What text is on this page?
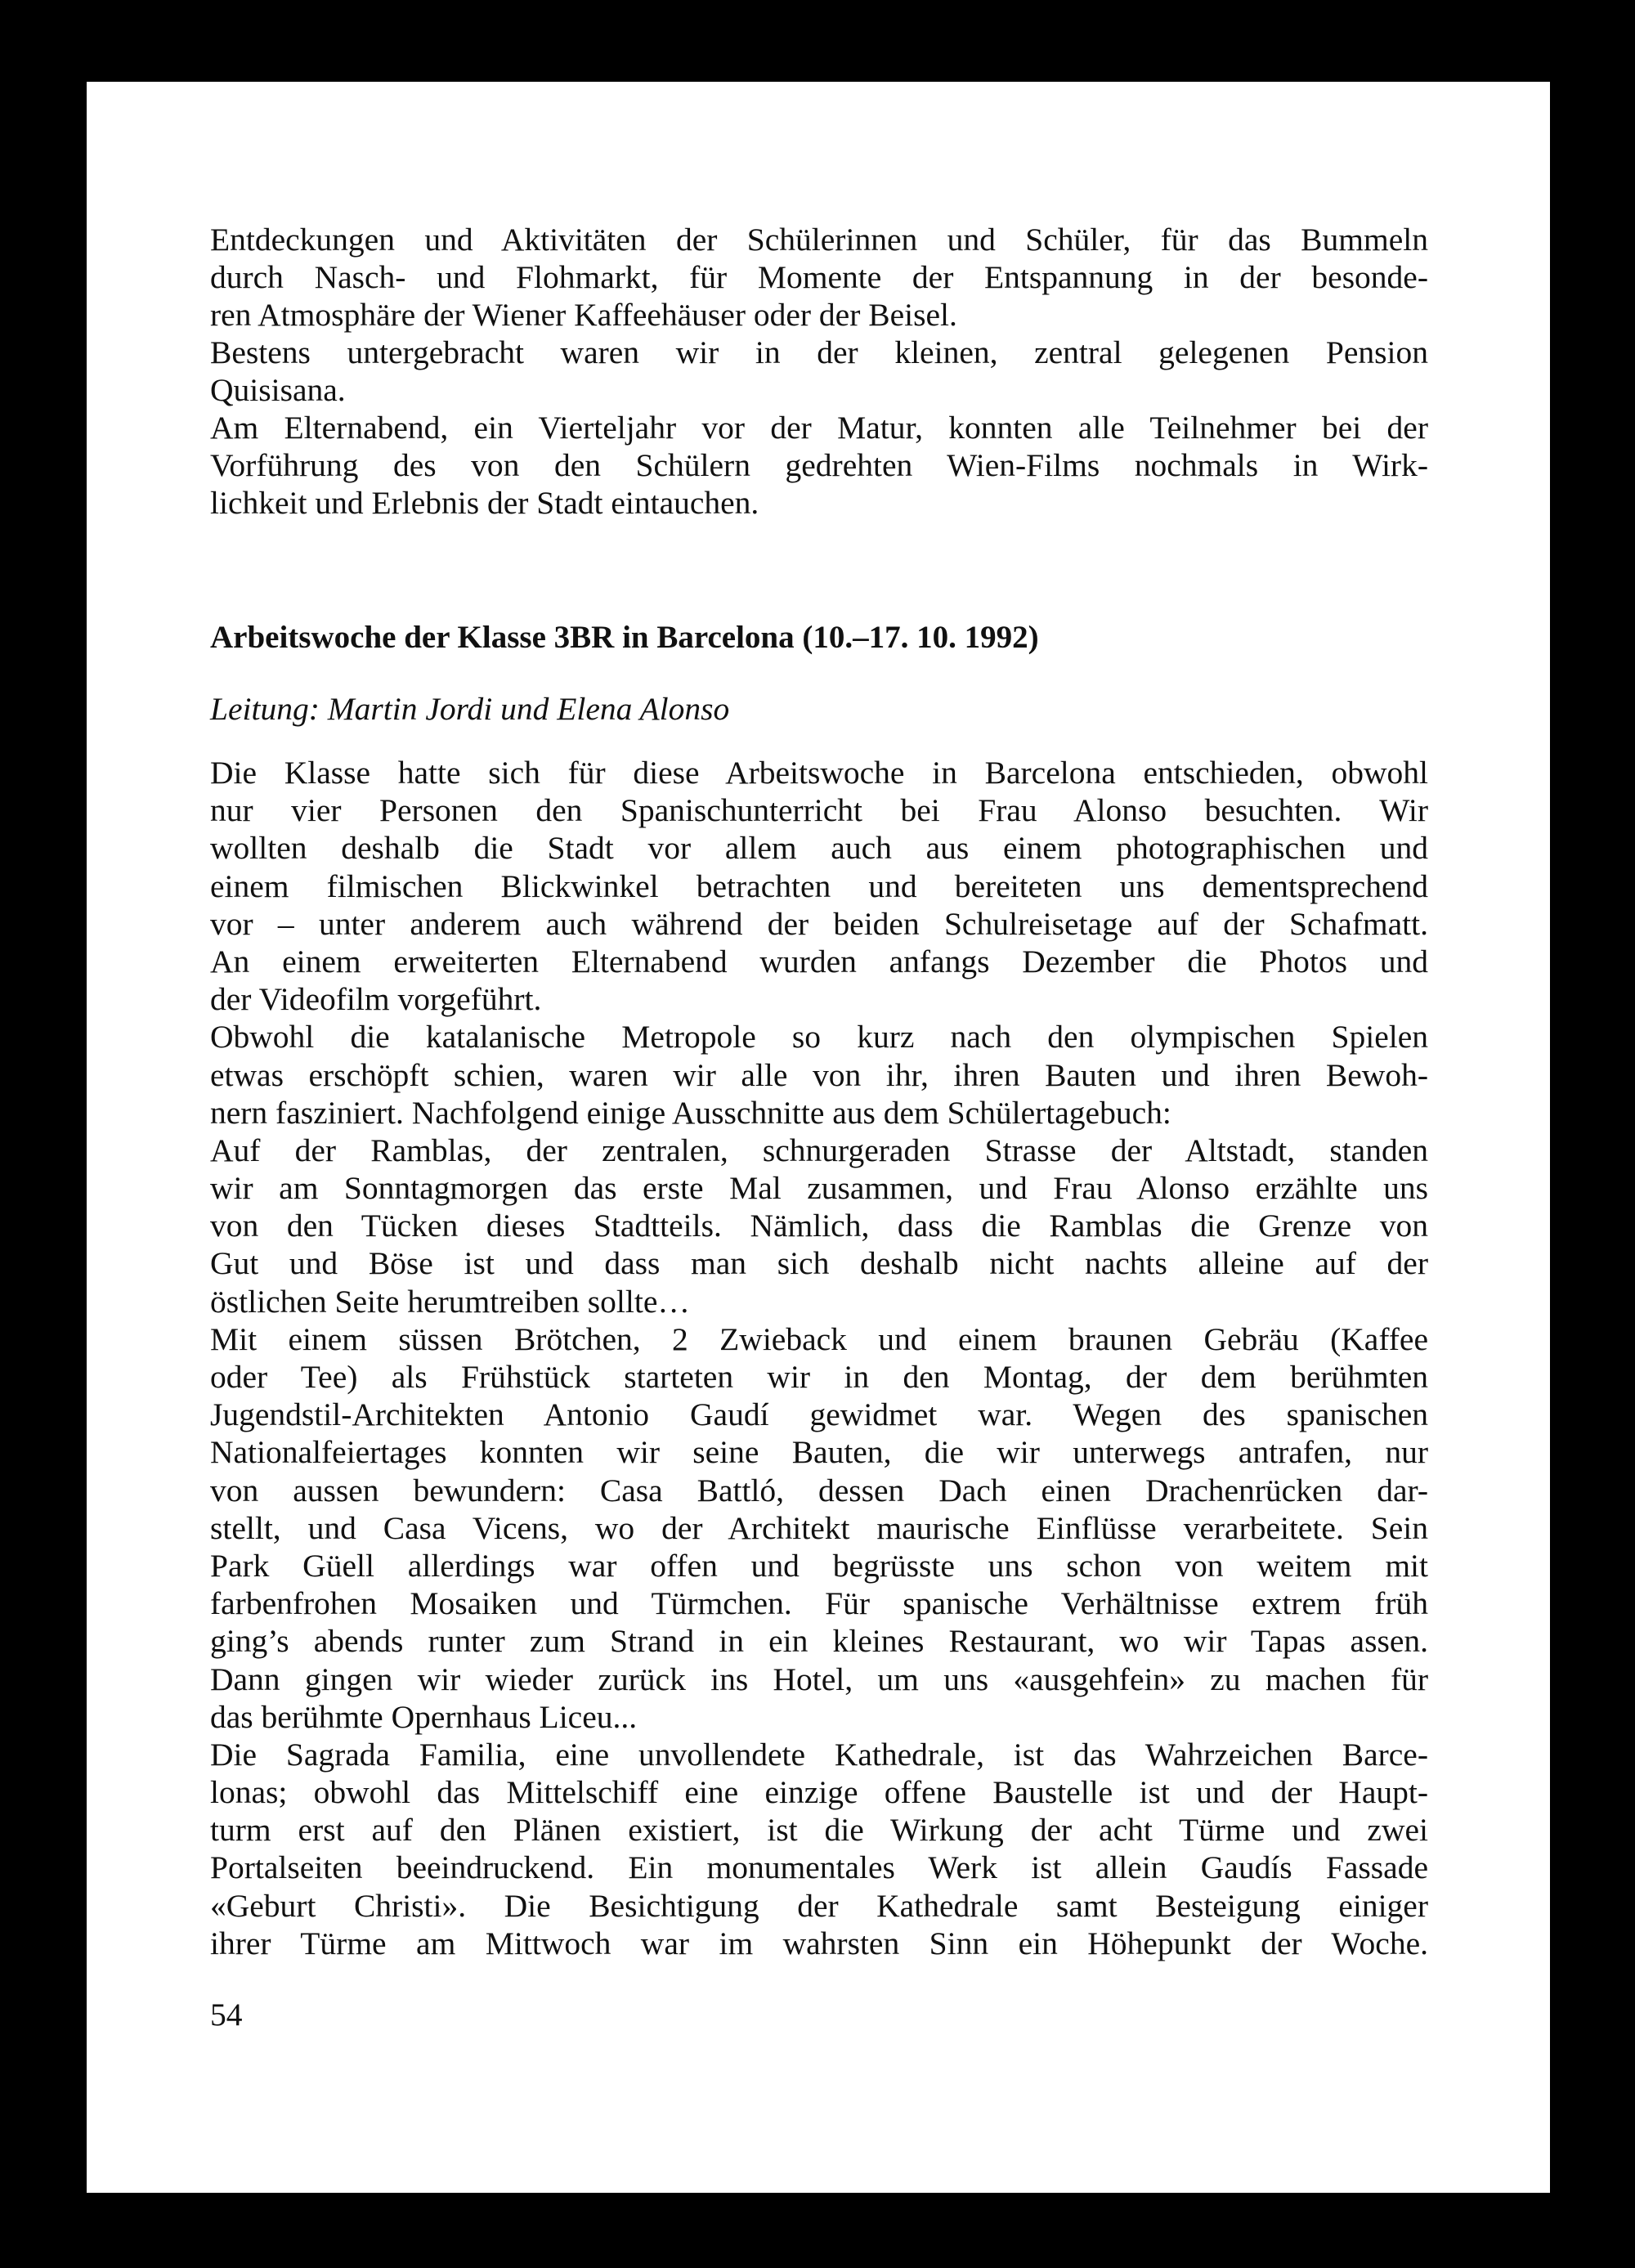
Entdeckungen und Aktivitäten der Schülerinnen und Schüler, für das Bummeln
durch Nasch- und Flohmarkt, für Momente der Entspannung in der besonde-
ren Atmosphäre der Wiener Kaffeehäuser oder der Beisel.
Bestens untergebracht waren wir in der kleinen, zentral gelegenen Pension
Quisisana.
Am Elternabend, ein Vierteljahr vor der Matur, konnten alle Teilnehmer bei der
Vorführung des von den Schülern gedrehten Wien-Films nochmals in Wirk-
lichkeit und Erlebnis der Stadt eintauchen.
Arbeitswoche der Klasse 3BR in Barcelona (10.–17. 10. 1992)
Leitung: Martin Jordi und Elena Alonso
Die Klasse hatte sich für diese Arbeitswoche in Barcelona entschieden, obwohl
nur vier Personen den Spanischunterricht bei Frau Alonso besuchten. Wir
wollten deshalb die Stadt vor allem auch aus einem photographischen und
einem filmischen Blickwinkel betrachten und bereiteten uns dementsprechend
vor – unter anderem auch während der beiden Schulreisetage auf der Schafmatt.
An einem erweiterten Elternabend wurden anfangs Dezember die Photos und
der Videofilm vorgeführt.
Obwohl die katalanische Metropole so kurz nach den olympischen Spielen
etwas erschöpft schien, waren wir alle von ihr, ihren Bauten und ihren Bewoh-
nern fasziniert. Nachfolgend einige Ausschnitte aus dem Schülertagebuch:
Auf der Ramblas, der zentralen, schnurgeraden Strasse der Altstadt, standen
wir am Sonntagmorgen das erste Mal zusammen, und Frau Alonso erzählte uns
von den Tücken dieses Stadtteils. Nämlich, dass die Ramblas die Grenze von
Gut und Böse ist und dass man sich deshalb nicht nachts alleine auf der
östlichen Seite herumtreiben sollte…
Mit einem süssen Brötchen, 2 Zwieback und einem braunen Gebräu (Kaffee
oder Tee) als Frühstück starteten wir in den Montag, der dem berühmten
Jugendstil-Architekten Antonio Gaudí gewidmet war. Wegen des spanischen
Nationalfeiertages konnten wir seine Bauten, die wir unterwegs antrafen, nur
von aussen bewundern: Casa Battló, dessen Dach einen Drachenrücken dar-
stellt, und Casa Vicens, wo der Architekt maurische Einflüsse verarbeitete. Sein
Park Güell allerdings war offen und begrüsste uns schon von weitem mit
farbenfrohen Mosaiken und Türmchen. Für spanische Verhältnisse extrem früh
ging’s abends runter zum Strand in ein kleines Restaurant, wo wir Tapas assen.
Dann gingen wir wieder zurück ins Hotel, um uns «ausgehfein» zu machen für
das berühmte Opernhaus Liceu...
Die Sagrada Familia, eine unvollendete Kathedrale, ist das Wahrzeichen Barce-
lonas; obwohl das Mittelschiff eine einzige offene Baustelle ist und der Haupt-
turm erst auf den Plänen existiert, ist die Wirkung der acht Türme und zwei
Portalseiten beeindruckend. Ein monumentales Werk ist allein Gaudís Fassade
«Geburt Christi». Die Besichtigung der Kathedrale samt Besteigung einiger
ihrer Türme am Mittwoch war im wahrsten Sinn ein Höhepunkt der Woche.
54
